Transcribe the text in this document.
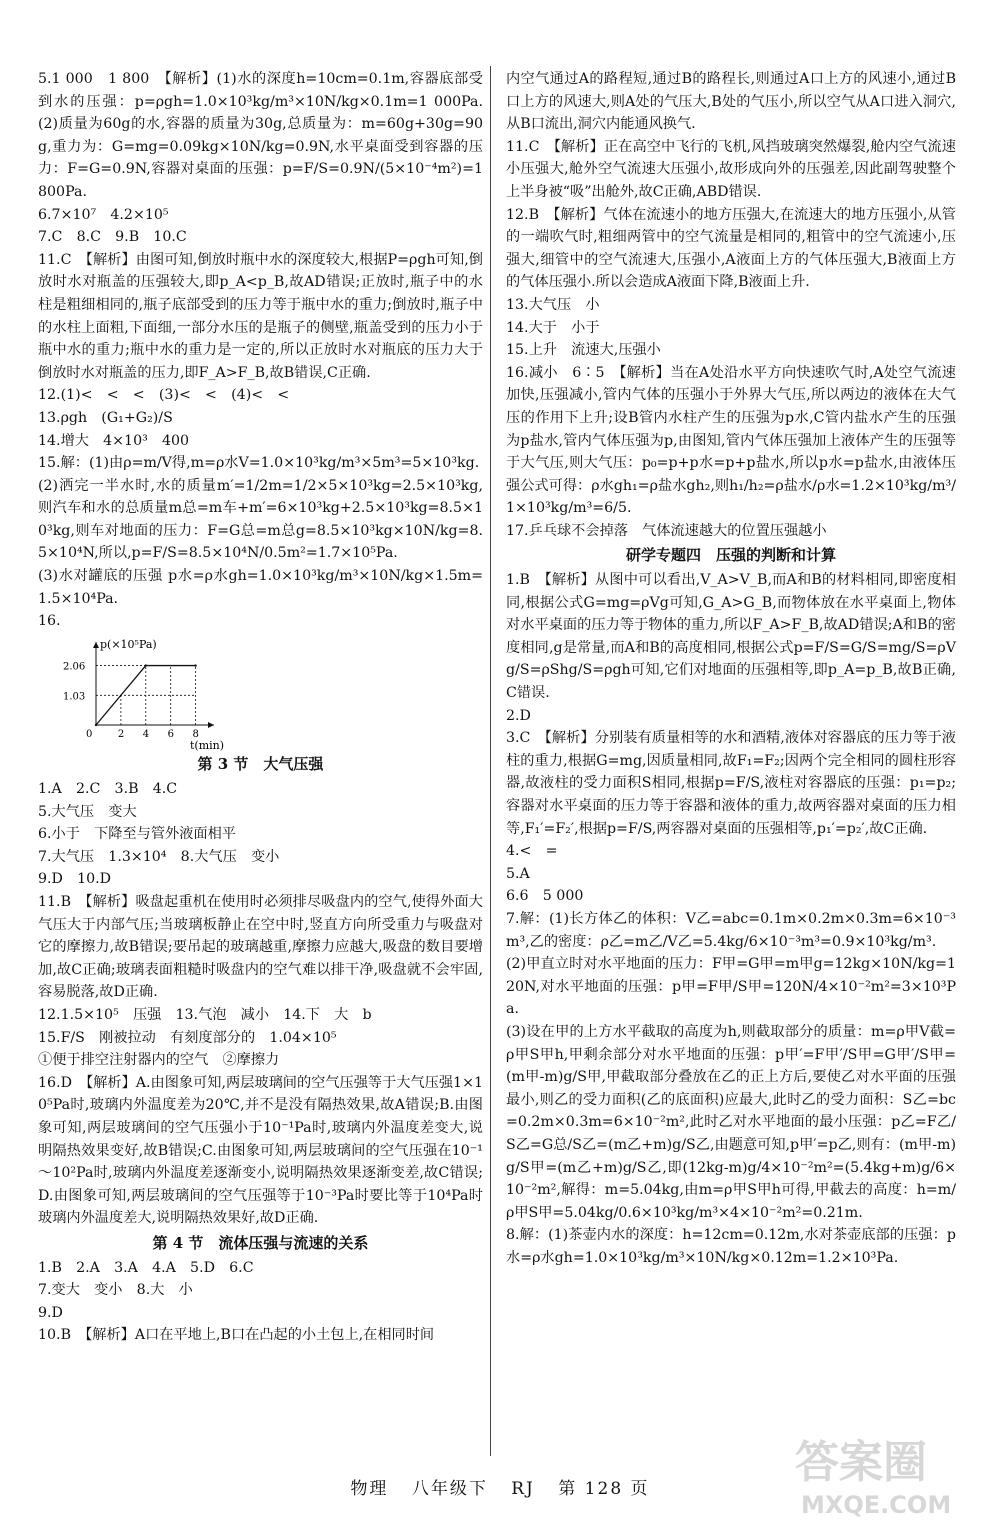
5.1 000　1 800　【解析】(1)水的深度h=10cm=0.1m,容器底部受到水的压强：p=ρgh=1.0×10³kg/m³×10N/kg×0.1m=1 000Pa.(2)质量为60g的水,容器的质量为30g,总质量为：m=60g+30g=90g,重力为：G=mg=0.09kg×10N/kg=0.9N,水平桌面受到容器的压力：F=G=0.9N,容器对桌面的压强：p=F/S=0.9N/(5×10⁻⁴m²)=1 800Pa.
6.7×10⁷　4.2×10⁵
7.C　8.C　9.B　10.C
11.C　【解析】由图可知,倒放时瓶中水的深度较大,根据P=ρgh可知,倒放时水对瓶盖的压强较大,即p_A<p_B,故AD错误;正放时,瓶子中的水柱是粗细相同的,瓶子底部受到的压力等于瓶中水的重力;倒放时,瓶子中的水柱上面粗,下面细,一部分水压的是瓶子的侧壁,瓶盖受到的压力小于瓶中水的重力;瓶中水的重力是一定的,所以正放时水对瓶底的压力大于倒放时水对瓶盖的压力,即F_A>F_B,故B错误,C正确.
12.(1)<　<　<　(3)<　<　(4)<　<
13.ρgh　(G₁+G₂)/S
14.增大　4×10³　400
15.解：(1)由ρ=m/V得,m=ρ水V=1.0×10³kg/m³×5m³=5×10³kg.
(2)洒完一半水时,水的质量m′=1/2m=1/2×5×10³kg=2.5×10³kg,则汽车和水的总质量m总=m车+m′=6×10³kg+2.5×10³kg=8.5×10³kg,则车对地面的压力：F=G总=m总g=8.5×10³kg×10N/kg=8.5×10⁴N,所以,p=F/S=8.5×10⁴N/0.5m²=1.7×10⁵Pa.
(3)水对罐底的压强 p水=ρ水gh=1.0×10³kg/m³×10N/kg×1.5m=1.5×10⁴Pa.
16.
p(×10⁵Pa)
t(min)
0	2 4 6 8
1.03
2.06
第 3 节　大气压强
1.A　2.C　3.B　4.C
5.大气压　变大
6.小于　下降至与管外液面相平
7.大气压　1.3×10⁴　8.大气压　变小
9.D　10.D
11.B　【解析】吸盘起重机在使用时必须排尽吸盘内的空气,使得外面大气压大于内部气压;当玻璃板静止在空中时,竖直方向所受重力与吸盘对它的摩擦力,故B错误;要吊起的玻璃越重,摩擦力应越大,吸盘的数目要增加,故C正确;玻璃表面粗糙时吸盘内的空气难以排干净,吸盘就不会牢固,容易脱落,故D正确.
12.1.5×10⁵　压强　13.气泡　减小　14.下　大　b
15.F/S　刚被拉动　有刻度部分的　1.04×10⁵
①便于排空注射器内的空气　②摩擦力
16.D　【解析】A.由图象可知,两层玻璃间的空气压强等于大气压强1×10⁵Pa时,玻璃内外温度差为20℃,并不是没有隔热效果,故A错误;B.由图象可知,两层玻璃间的空气压强小于10⁻¹Pa时,玻璃内外温度差变大,说明隔热效果变好,故B错误;C.由图象可知,两层玻璃间的空气压强在10⁻¹～10²Pa时,玻璃内外温度差逐渐变小,说明隔热效果逐渐变差,故C错误;D.由图象可知,两层玻璃间的空气压强等于10⁻³Pa时要比等于10⁴Pa时玻璃内外温度差大,说明隔热效果好,故D正确.
第 4 节　流体压强与流速的关系
1.B　2.A　3.A　4.A　5.D　6.C
7.变大　变小　8.大　小
9.D
10.B　【解析】A口在平地上,B口在凸起的小土包上,在相同时间
内空气通过A的路程短,通过B的路程长,则通过A口上方的风速小,通过B口上方的风速大,则A处的气压大,B处的气压小,所以空气从A口进入洞穴,从B口流出,洞穴内能通风换气.
11.C　【解析】正在高空中飞行的飞机,风挡玻璃突然爆裂,舱内空气流速小压强大,舱外空气流速大压强小,故形成向外的压强差,因此副驾驶整个上半身被“吸”出舱外,故C正确,ABD错误.
12.B　【解析】气体在流速小的地方压强大,在流速大的地方压强小,从管的一端吹气时,粗细两管中的空气流量是相同的,粗管中的空气流速小,压强大,细管中的空气流速大,压强小,A液面上方的气体压强大,B液面上方的气体压强小.所以会造成A液面下降,B液面上升.
13.大气压　小
14.大于　小于
15.上升　流速大,压强小
16.减小　6∶5　【解析】当在A处沿水平方向快速吹气时,A处空气流速加快,压强减小,管内气体的压强小于外界大气压,所以两边的液体在大气压的作用下上升;设B管内水柱产生的压强为p水,C管内盐水产生的压强为p盐水,管内气体压强为p,由图知,管内气体压强加上液体产生的压强等于大气压,则大气压：p₀=p+p水=p+p盐水,所以p水=p盐水,由液体压强公式可得：ρ水gh₁=ρ盐水gh₂,则h₁/h₂=ρ盐水/ρ水=1.2×10³kg/m³/1×10³kg/m³=6/5.
17.乒乓球不会掉落　气体流速越大的位置压强越小
研学专题四　压强的判断和计算
1.B　【解析】从图中可以看出,V_A>V_B,而A和B的材料相同,即密度相同,根据公式G=mg=ρVg可知,G_A>G_B,而物体放在水平桌面上,物体对水平桌面的压力等于物体的重力,所以F_A>F_B,故AD错误;A和B的密度相同,g是常量,而A和B的高度相同,根据公式p=F/S=G/S=mg/S=ρVg/S=ρShg/S=ρgh可知,它们对地面的压强相等,即p_A=p_B,故B正确,C错误.
2.D
3.C　【解析】分别装有质量相等的水和酒精,液体对容器底的压力等于液柱的重力,根据G=mg,因质量相同,故F₁=F₂;因两个完全相同的圆柱形容器,故液柱的受力面积S相同,根据p=F/S,液柱对容器底的压强：p₁=p₂;容器对水平桌面的压力等于容器和液体的重力,故两容器对桌面的压力相等,F₁′=F₂′,根据p=F/S,两容器对桌面的压强相等,p₁′=p₂′,故C正确.
4.<　=
5.A
6.6　5 000
7.解：(1)长方体乙的体积：V乙=abc=0.1m×0.2m×0.3m=6×10⁻³m³,乙的密度：ρ乙=m乙/V乙=5.4kg/6×10⁻³m³=0.9×10³kg/m³.
(2)甲直立时对水平地面的压力：F甲=G甲=m甲g=12kg×10N/kg=120N,对水平地面的压强：p甲=F甲/S甲=120N/4×10⁻²m²=3×10³Pa.
(3)设在甲的上方水平截取的高度为h,则截取部分的质量：m=ρ甲V截=ρ甲S甲h,甲剩余部分对水平地面的压强：p甲′=F甲′/S甲=G甲′/S甲=(m甲-m)g/S甲,甲截取部分叠放在乙的正上方后,要使乙对水平面的压强最小,则乙的受力面积(乙的底面积)应最大,此时乙的受力面积：S乙=bc=0.2m×0.3m=6×10⁻²m²,此时乙对水平地面的最小压强：p乙=F乙/S乙=G总/S乙=(m乙+m)g/S乙,由题意可知,p甲′=p乙,则有：(m甲-m)g/S甲=(m乙+m)g/S乙,即(12kg-m)g/4×10⁻²m²=(5.4kg+m)g/6×10⁻²m²,解得：m=5.04kg,由m=ρ甲S甲h可得,甲截去的高度：h=m/ρ甲S甲=5.04kg/0.6×10³kg/m³×4×10⁻²m²=0.21m.
8.解：(1)茶壶内水的深度：h=12cm=0.12m,水对茶壶底部的压强：p水=ρ水gh=1.0×10³kg/m³×10N/kg×0.12m=1.2×10³Pa.
物理 八年级下 RJ 第 128 页
答案圈
MXQE.COM
